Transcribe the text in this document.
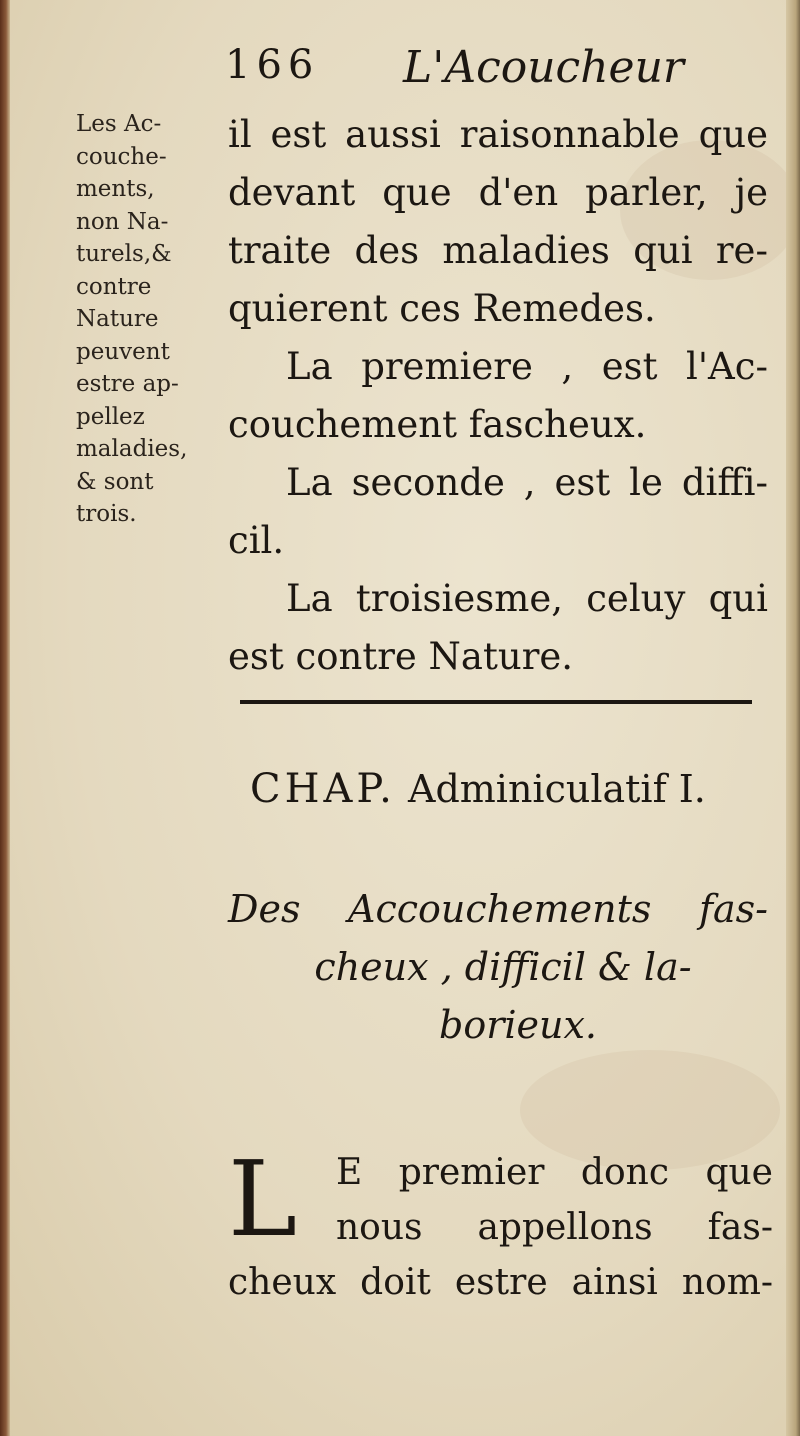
166 L'Acoucheur
Les Ac-
couche-
ments,
non Na-
turels,&
contre
Nature
peuvent
estre ap-
pellez
maladies,
& sont
trois.
il est aussi raisonnable que
devant que d'en parler, je
traite des maladies qui re-
quierent ces Remedes.
La premiere , est l'Ac-
couchement fascheux.
La seconde , est le diffi-
cil.
La troisiesme, celuy qui
est contre Nature.
CHAP. Adminiculatif I.
Des Accouchements fas-
cheux , difficil & la-
borieux.
L E premier donc que
nous appellons fas-
cheux doit estre ainsi nom-
